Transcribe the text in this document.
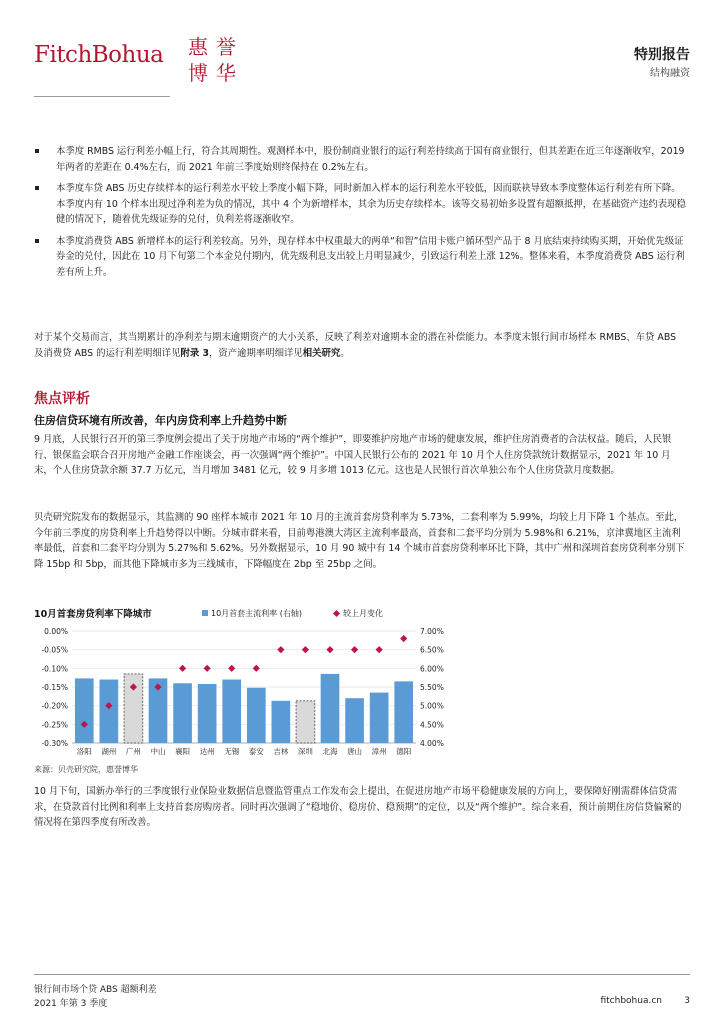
FitchBohua 惠 誉
博 华
特别报告
结构融资
本季度 RMBS 运行利差小幅上行，符合其周期性。观测样本中，股份制商业银行的运行利差持续高于国有商业银行，但其差距在近三年逐渐收窄，2019 年两者的差距在 0.4%左右，而 2021 年前三季度始则终保持在 0.2%左右。
本季度车贷 ABS 历史存续样本的运行利差水平较上季度小幅下降，同时新加入样本的运行利差水平较低，因而联袂导致本季度整体运行利差有所下降。本季度内有 10 个样本出现过净利差为负的情况，其中 4 个为新增样本，其余为历史存续样本。该等交易初始多设置有超额抵押，在基础资产违约表现稳健的情况下，随着优先级证券的兑付，负利差将逐渐收窄。
本季度消费贷 ABS 新增样本的运行利差较高。另外，现存样本中权重最大的两单“和智”信用卡账户循环型产品于 8 月底结束持续购买期，开始优先级证券金的兑付，因此在 10 月下旬第二个本金兑付期内，优先级利息支出较上月明显减少，引致运行利差上涨 12%。整体来看，本季度消费贷 ABS 运行利差有所上升。
对于某个交易而言，其当期累计的净利差与期末逾期资产的大小关系，反映了利差对逾期本金的潜在补偿能力。本季度末银行间市场样本 RMBS、车贷 ABS 及消费贷 ABS 的运行利差明细详见附录 3，资产逾期率明细详见相关研究。
焦点评析
住房信贷环境有所改善，年内房贷利率上升趋势中断
9 月底，人民银行召开的第三季度例会提出了关于房地产市场的“两个维护”，即要维护房地产市场的健康发展，维护住房消费者的合法权益。随后，人民银行、银保监会联合召开房地产金融工作座谈会，再一次强调“两个维护”。中国人民银行公布的 2021 年 10 月个人住房贷款统计数据显示，2021 年 10 月末，个人住房贷款余额 37.7 万亿元，当月增加 3481 亿元，较 9 月多增 1013 亿元。这也是人民银行首次单独公布个人住房贷款月度数据。
贝壳研究院发布的数据显示，其监测的 90 座样本城市 2021 年 10 月的主流首套房贷利率为 5.73%，二套利率为 5.99%，均较上月下降 1 个基点。至此，今年前三季度的房贷利率上升趋势得以中断。分城市群来看，目前粤港澳大湾区主流利率最高，首套和二套平均分别为 5.98%和 6.21%，京津冀地区主流利率最低，首套和二套平均分别为 5.27%和 5.62%。另外数据显示，10 月 90 城中有 14 个城市首套房贷利率环比下降，其中广州和深圳首套房贷利率分别下降 15bp 和 5bp，而其他下降城市多为三线城市，下降幅度在 2bp 至 25bp 之间。
10月首套房贷利率下降城市	10月首套主流利率 (右轴)	较上月变化
0.00%
-0.05%
-0.10%
-0.15%
-0.20%
-0.25%
-0.30%
7.00%
6.50%
6.00%
5.50%
5.00%
4.50%
4.00%
洛阳 湖州 广州 中山 襄阳 达州 无锡 泰安 吉林 深圳 北海 唐山 漳州 德阳
来源：贝壳研究院，惠誉博华
10 月下旬，国新办举行的三季度银行业保险业数据信息暨监管重点工作发布会上提出，在促进房地产市场平稳健康发展的方向上，要保障好刚需群体信贷需求，在贷款首付比例和利率上支持首套房购房者。同时再次强调了“稳地价、稳房价、稳预期”的定位，以及“两个维护”。综合来看，预计前期住房信贷偏紧的情况将在第四季度有所改善。
银行间市场个贷 ABS 超额利差
2021 年第 3 季度	fitchbohua.cn 3
